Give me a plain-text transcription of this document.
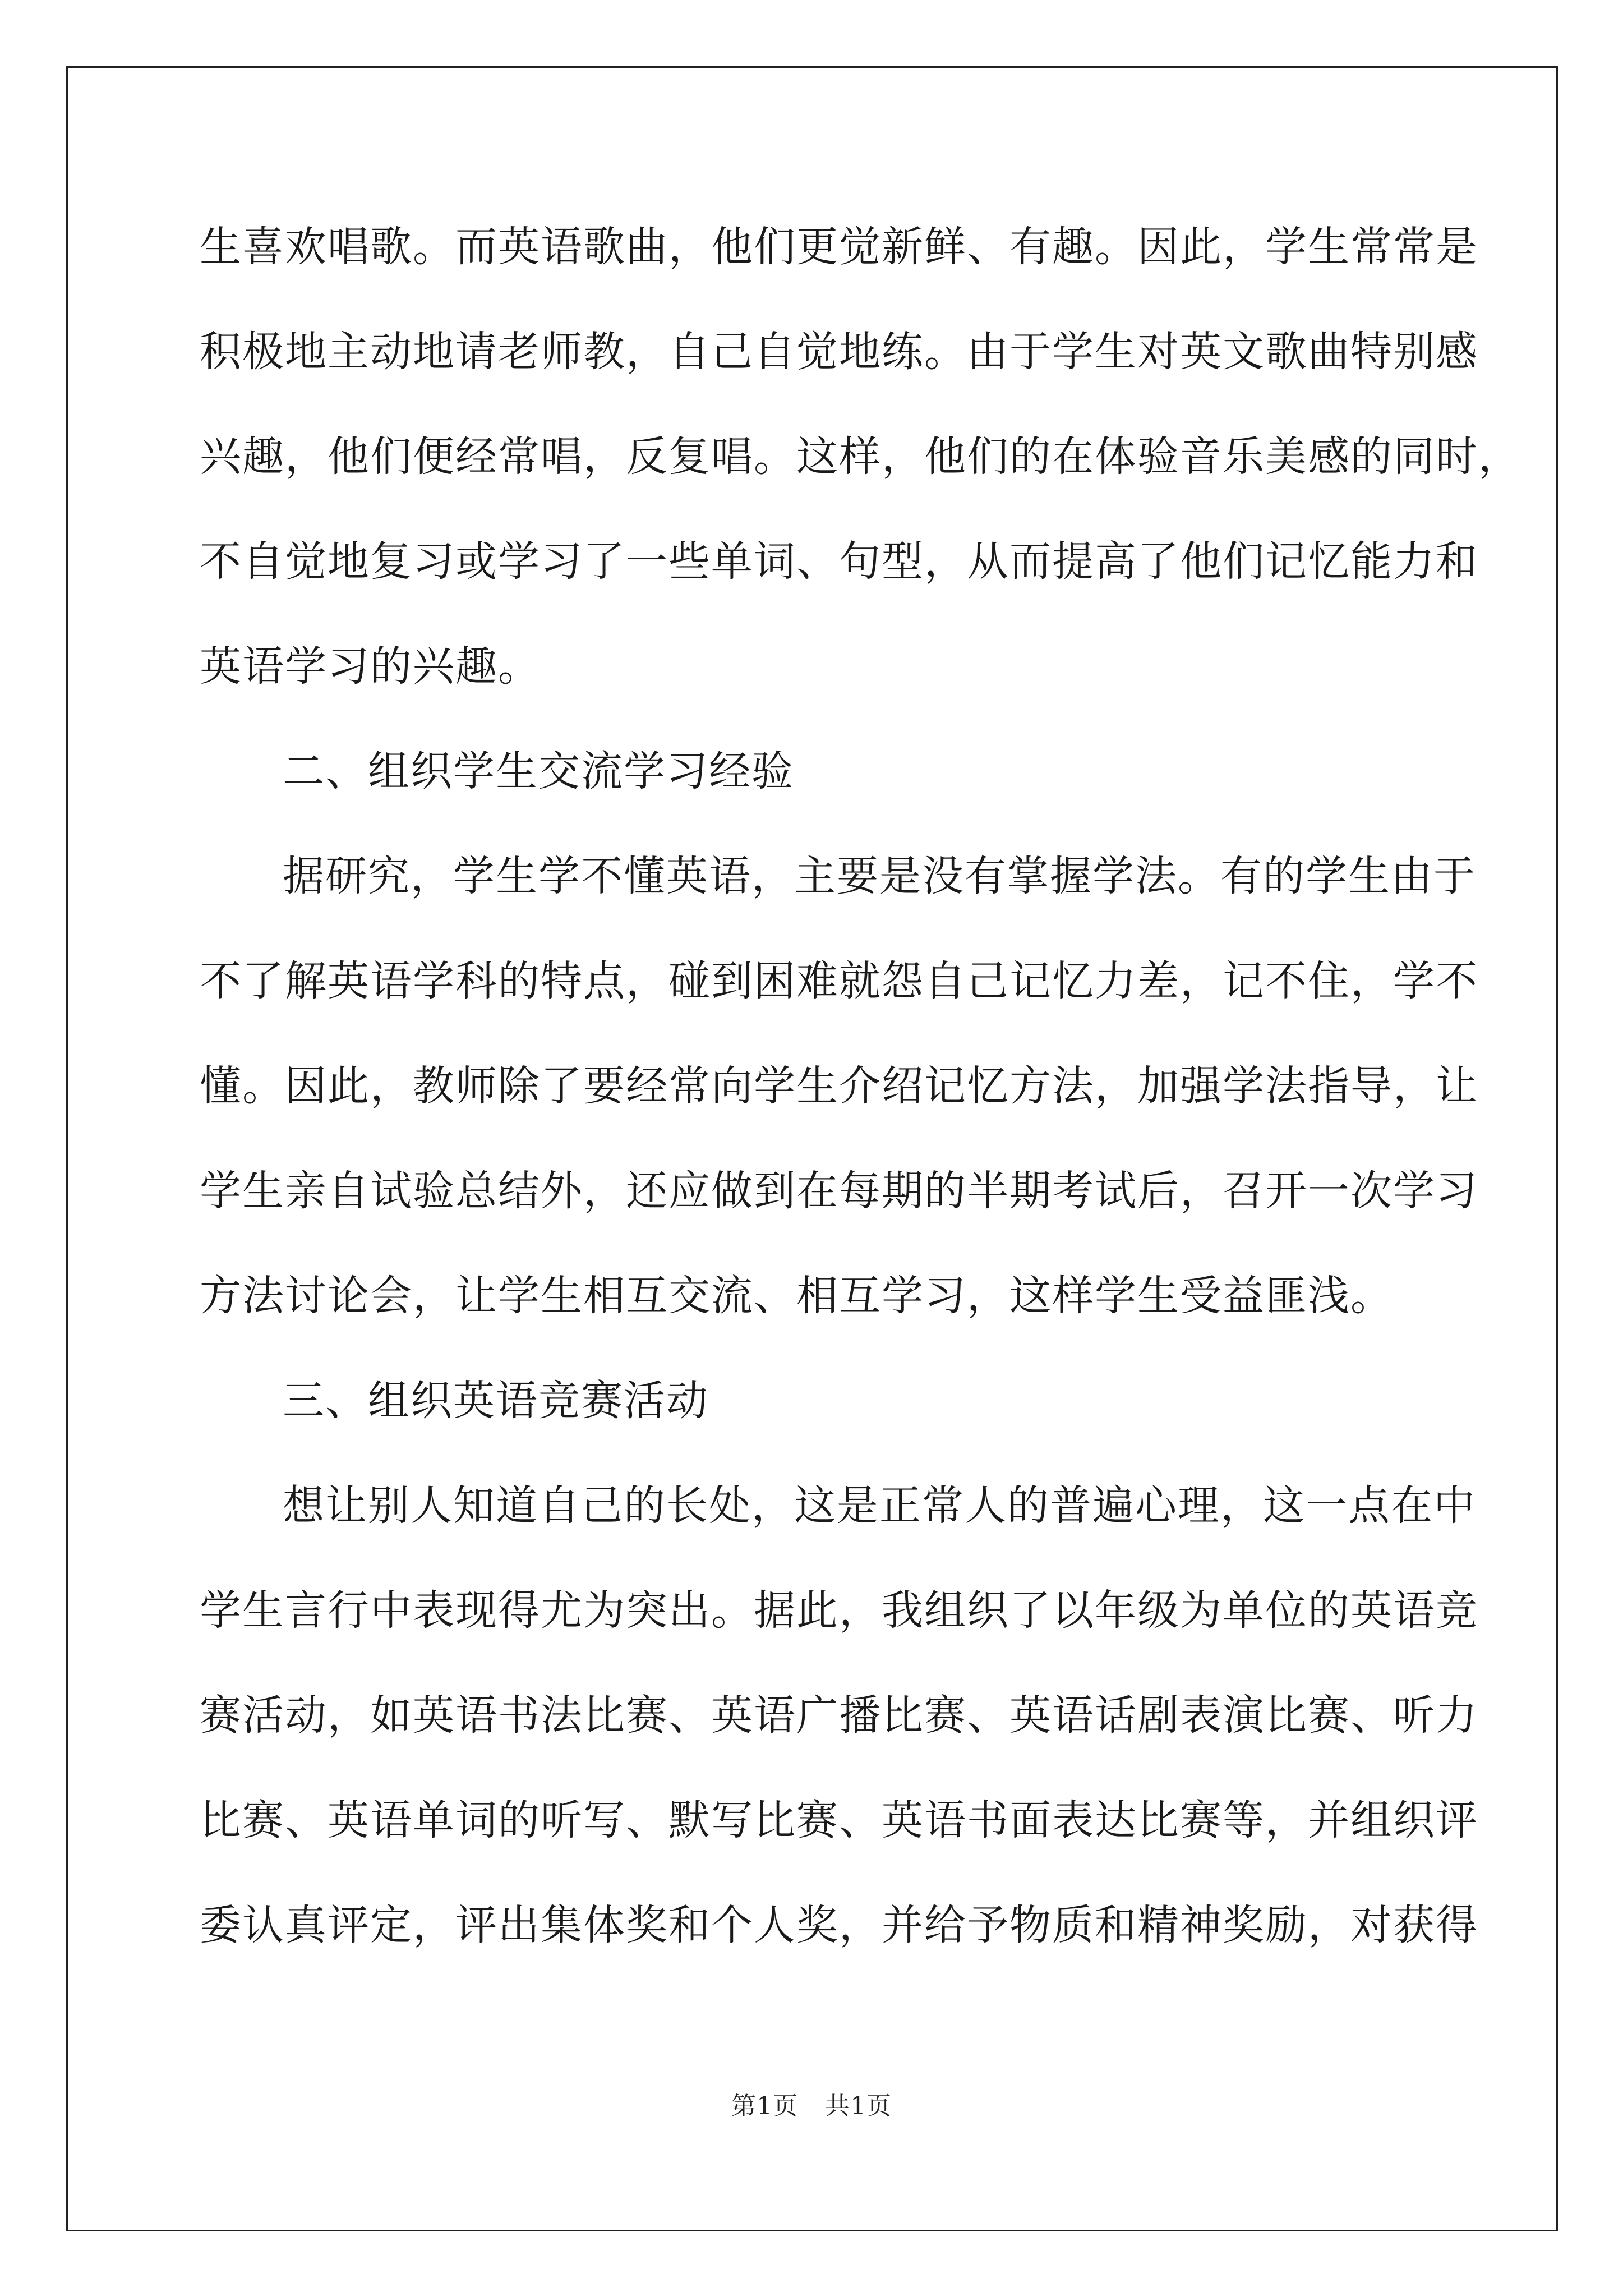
生喜欢唱歌。而英语歌曲，他们更觉新鲜、有趣。因此，学生常常是
积极地主动地请老师教，自己自觉地练。由于学生对英文歌曲特别感
兴趣，他们便经常唱，反复唱。这样，他们的在体验音乐美感的同时，
不自觉地复习或学习了一些单词、句型，从而提高了他们记忆能力和
英语学习的兴趣。
二、组织学生交流学习经验
据研究，学生学不懂英语，主要是没有掌握学法。有的学生由于
不了解英语学科的特点，碰到困难就怨自己记忆力差，记不住，学不
懂。因此，教师除了要经常向学生介绍记忆方法，加强学法指导，让
学生亲自试验总结外，还应做到在每期的半期考试后，召开一次学习
方法讨论会，让学生相互交流、相互学习，这样学生受益匪浅。
三、组织英语竞赛活动
想让别人知道自己的长处，这是正常人的普遍心理，这一点在中
学生言行中表现得尤为突出。据此，我组织了以年级为单位的英语竞
赛活动，如英语书法比赛、英语广播比赛、英语话剧表演比赛、听力
比赛、英语单词的听写、默写比赛、英语书面表达比赛等，并组织评
委认真评定，评出集体奖和个人奖，并给予物质和精神奖励，对获得
第1页 共1页
